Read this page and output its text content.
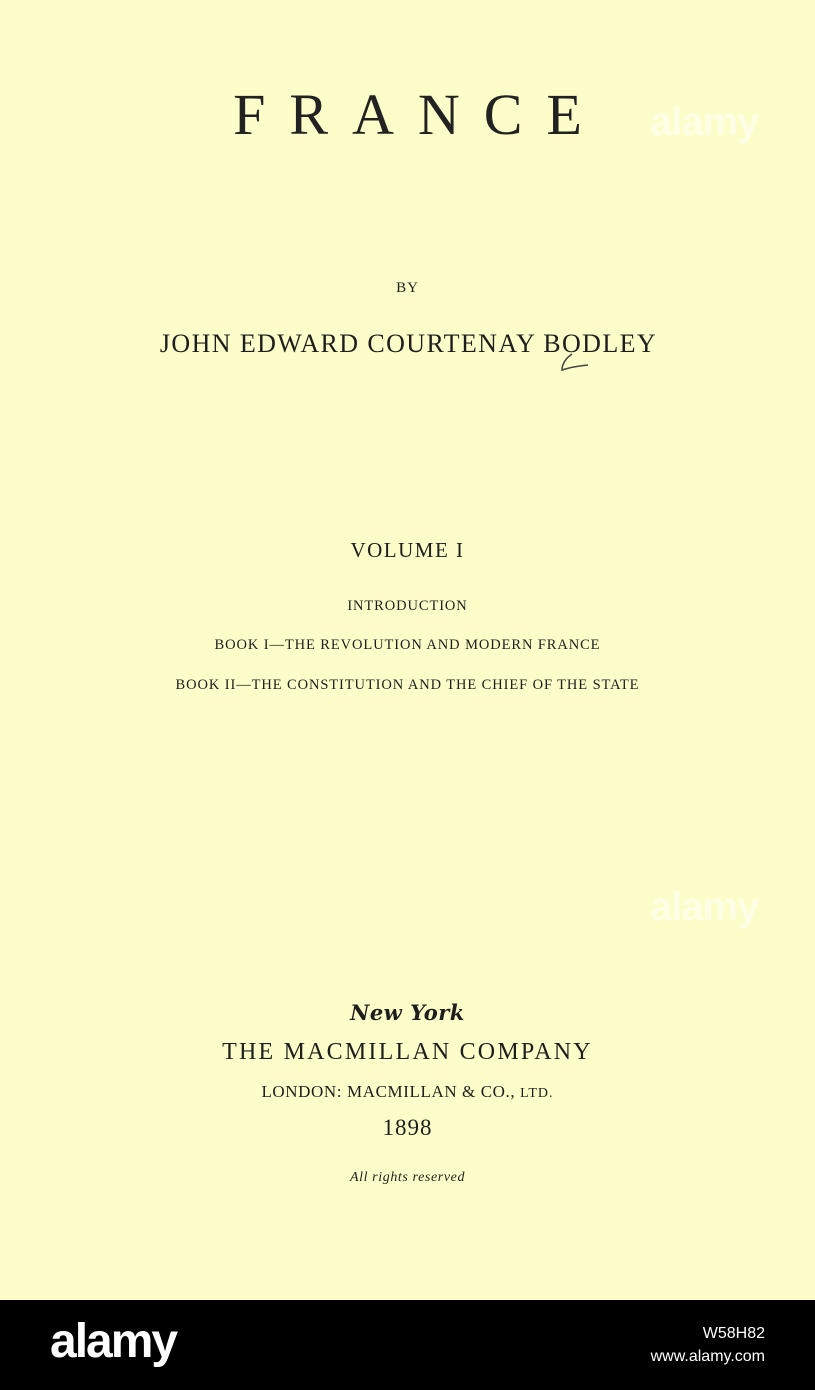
FRANCE
BY
JOHN EDWARD COURTENAY BODLEY
VOLUME I
INTRODUCTION
BOOK I—THE REVOLUTION AND MODERN FRANCE
BOOK II—THE CONSTITUTION AND THE CHIEF OF THE STATE
New York
THE MACMILLAN COMPANY
LONDON: MACMILLAN & CO., LTD.
1898
All rights reserved
alamy
alamy
alamy	W58H82
www.alamy.com
